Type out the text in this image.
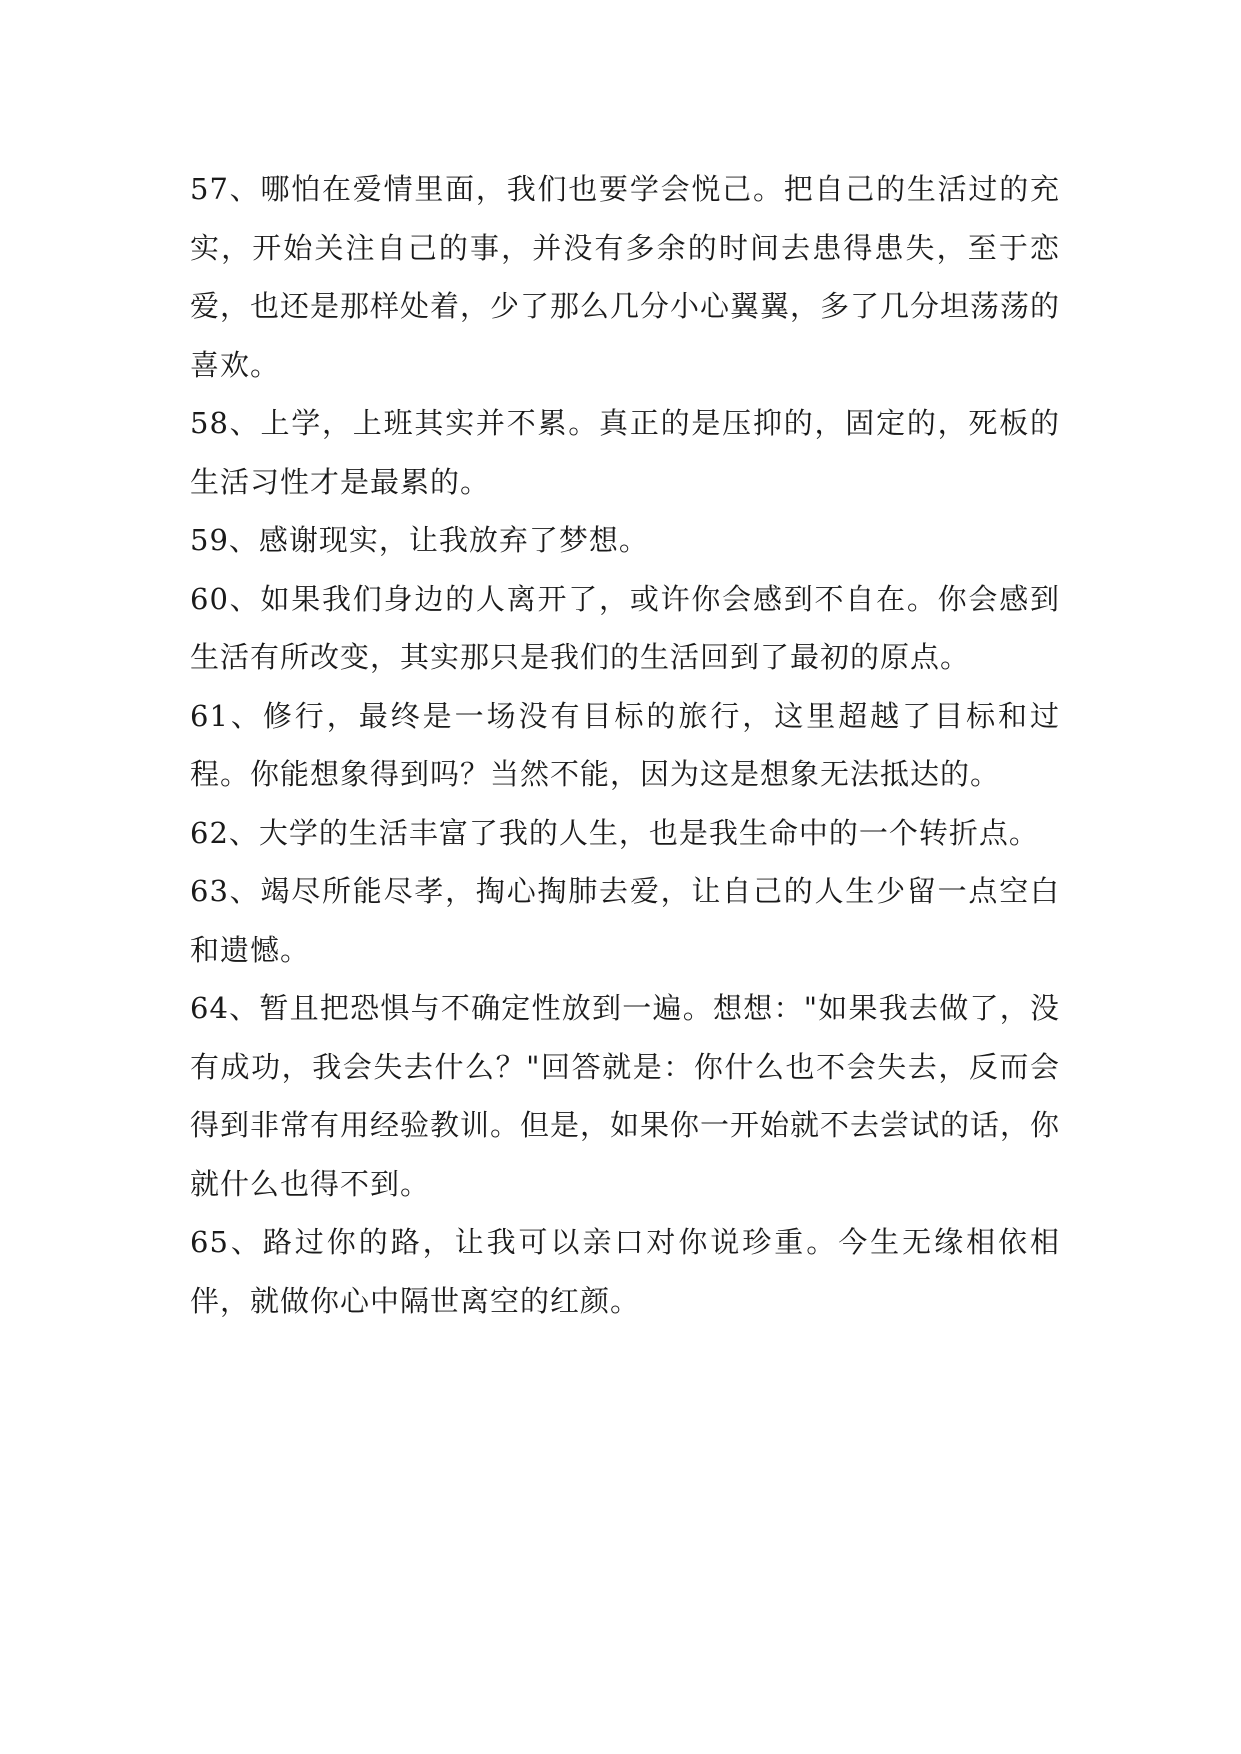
57、哪怕在爱情里面，我们也要学会悦己。把自己的生活过的充实，开始关注自己的事，并没有多余的时间去患得患失，至于恋爱，也还是那样处着，少了那么几分小心翼翼，多了几分坦荡荡的喜欢。

58、上学，上班其实并不累。真正的是压抑的，固定的，死板的生活习性才是最累的。

59、感谢现实，让我放弃了梦想。

60、如果我们身边的人离开了，或许你会感到不自在。你会感到生活有所改变，其实那只是我们的生活回到了最初的原点。

61、修行，最终是一场没有目标的旅行，这里超越了目标和过程。你能想象得到吗？当然不能，因为这是想象无法抵达的。

62、大学的生活丰富了我的人生，也是我生命中的一个转折点。

63、竭尽所能尽孝，掏心掏肺去爱，让自己的人生少留一点空白和遗憾。

64、暂且把恐惧与不确定性放到一遍。想想："如果我去做了，没有成功，我会失去什么？"回答就是：你什么也不会失去，反而会得到非常有用经验教训。但是，如果你一开始就不去尝试的话，你就什么也得不到。

65、路过你的路，让我可以亲口对你说珍重。今生无缘相依相伴，就做你心中隔世离空的红颜。
